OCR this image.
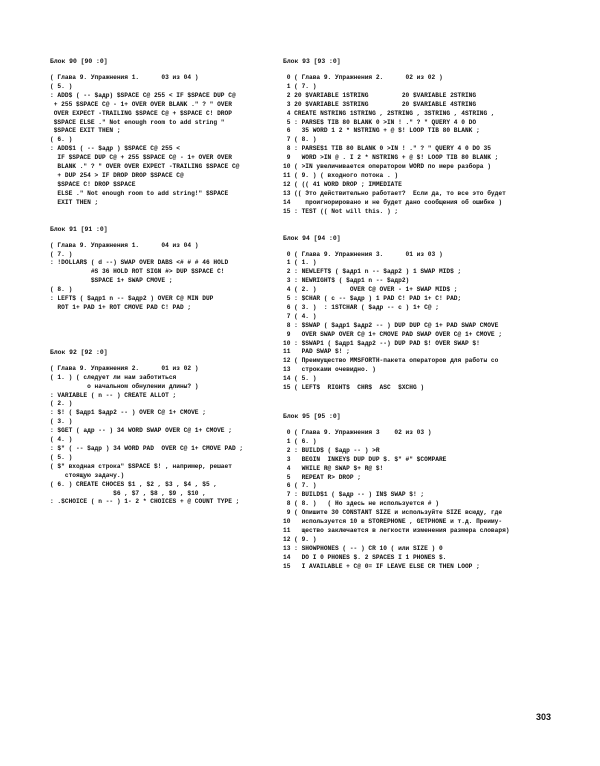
Блок 90 [90 :0]
( Глава 9. Упражнения 1.      03 из 04 )
( 5. )
: ADD$ ( -- $адр) $SPACE C@ 255 < IF $SPACE DUP C@
+ 255 $SPACE C@ - 1+ OVER OVER BLANK ." ? " OVER
OVER EXPECT -TRAILING $SPACE C@ + $SPACE C! DROP
$SPACE ELSE ." Not enough room to add string "
$SPACE EXIT THEN ;
( 6. )
: ADD$1 ( -- $адр ) $SPACE C@ 255 <
IF $SPACE DUP C@ + 255 $SPACE C@ - 1+ OVER OVER
BLANK ." ? " OVER OVER EXPECT -TRAILING $SPACE C@
+ DUP 254 > IF DROP DROP $SPACE C@
$SPACE C! DROP $SPACE
ELSE ." Not enough room to add string!" $SPACE
EXIT THEN ;
Блок 91 [91 :0]
( Глава 9. Упражнения 1.      04 из 04 )
( 7. )
: !DOLLAR$ ( d --) SWAP OVER DABS <# # # 46 HOLD
#S 36 HOLD ROT SIGN #> DUP $SPACE C!
$SPACE 1+ SWAP CMOVE ;
( 8. )
: LEFT$ ( $адр1 n -- $адр2 ) OVER C@ MIN DUP
ROT 1+ PAD 1+ ROT CMOVE PAD C! PAD ;
Блок 92 [92 :0]
( Глава 9. Упражнения 2.      01 из 02 )
( 1. ) ( следует ли нам заботиться
о начальном обнулении длины? )
: VARIABLE ( n -- ) CREATE ALLOT ;
( 2. )
: $! ( $адр1 $адр2 -- ) OVER C@ 1+ CMOVE ;
( 3. )
: $GET ( адр -- ) 34 WORD SWAP OVER C@ 1+ CMOVE ;
( 4. )
: $" ( -- $адр ) 34 WORD PAD  OVER C@ 1+ CMOVE PAD ;
( 5. )
( $" входная строка" $SPACE $! , например, решает
стоящую задачу.)
( 6. ) CREATE CHOCES $1 , $2 , $3 , $4 , $5 ,
$6 , $7 , $8 , $9 , $10 ,
: .$CHOICE ( n -- ) 1- 2 * CHOICES + @ COUNT TYPE ;
Блок 93 [93 :0]
0 ( Глава 9. Упражнения 2.      02 из 02 )
1 ( 7. )
2 20 $VARIABLE 1STRING         20 $VARIABLE 2STRING
3 20 $VARIABLE 3STRING         20 $VARIABLE 4STRING
4 CREATE NSTRING 1STRING , 2STRING , 3STRING , 4STRING ,
5 : PARSE$ TIB 80 BLANK 0 >IN ! ." ? " QUERY 4 0 DO
6   35 WORD 1 2 * NSTRING + @ $! LOOP TIB 80 BLANK ;
7 ( 8. )
8 : PARSE$1 TIB 80 BLANK 0 >IN ! ." ? " QUERY 4 0 DO 35
9   WORD >IN @ . I 2 * NSTRING + @ $! LOOP TIB 80 BLANK ;
10 ( >IN увеличивается оператором WORD по мере разбора )
11 ( 9. ) ( входного потока . )
12 ( (( 41 WORD DROP ; IMMEDIATE
13 (( Это действительно работает?  Если да, то все это будет
14    проигнорировано и не будет дано сообщения об ошибке )
15 : TEST (( Not will this. ) ;
Блок 94 [94 :0]
0 ( Глава 9. Упражнения 3.      01 из 03 )
1 ( 1. )
2 : NEWLEFT$ ( $адр1 n -- $адр2 ) 1 SWAP MID$ ;
3 : NEWRIGHT$ ( $адр1 n -- $адр2)
4 ( 2. )         OVER C@ OVER - 1+ SWAP MID$ ;
5 : $CHAR ( c -- $адр ) 1 PAD C! PAD 1+ C! PAD;
6 ( 3. )  : 1STCHAR ( $адр -- c ) 1+ C@ ;
7 ( 4. )
8 : $SWAP ( $адр1 $адр2 -- ) DUP DUP C@ 1+ PAD SWAP CMOVE
9   OVER SWAP OVER C@ 1+ CMOVE PAD SWAP OVER C@ 1+ CMOVE ;
10 : $SWAP1 ( $адр1 $адр2 --) DUP PAD $! OVER SWAP $!
11   PAD SWAP $! ;
12 ( Преимущество MMSFORTH-пакета операторов для работы со
13   строками очевидно. )
14 ( 5. )
15 ( LEFT$  RIGHT$  CHR$  ASC  $XCHG )
Блок 95 [95 :0]
0 ( Глава 9. Упражнения 3    02 из 03 )
1 ( 6. )
2 : BUILD$ ( $адр -- ) >R
3   BEGIN  INKEY$ DUP DUP $. $" #" $COMPARE
4   WHILE R@ SWAP $+ R@ $!
5   REPEAT R> DROP ;
6 ( 7. )
7 : BUILD$1 ( $адр -- ) IN$ SWAP $! ;
8 ( 8. )   ( Но здесь не используется # )
9 ( Опишите 30 CONSTANT SIZE и используйте SIZE всюду, где
10   используется 10 в STOREPHONE , GETPHONE и т.д. Преиму-
11   щество заключается в легкости изменения размера словаря)
12 ( 9. )
13 : SHOWPHONES ( -- ) CR 10 ( или SIZE ) 0
14   DO I 0 PHONES $. 2 SPACES I 1 PHONES $.
15   I AVAILABLE + C@ 0= IF LEAVE ELSE CR THEN LOOP ;
303
